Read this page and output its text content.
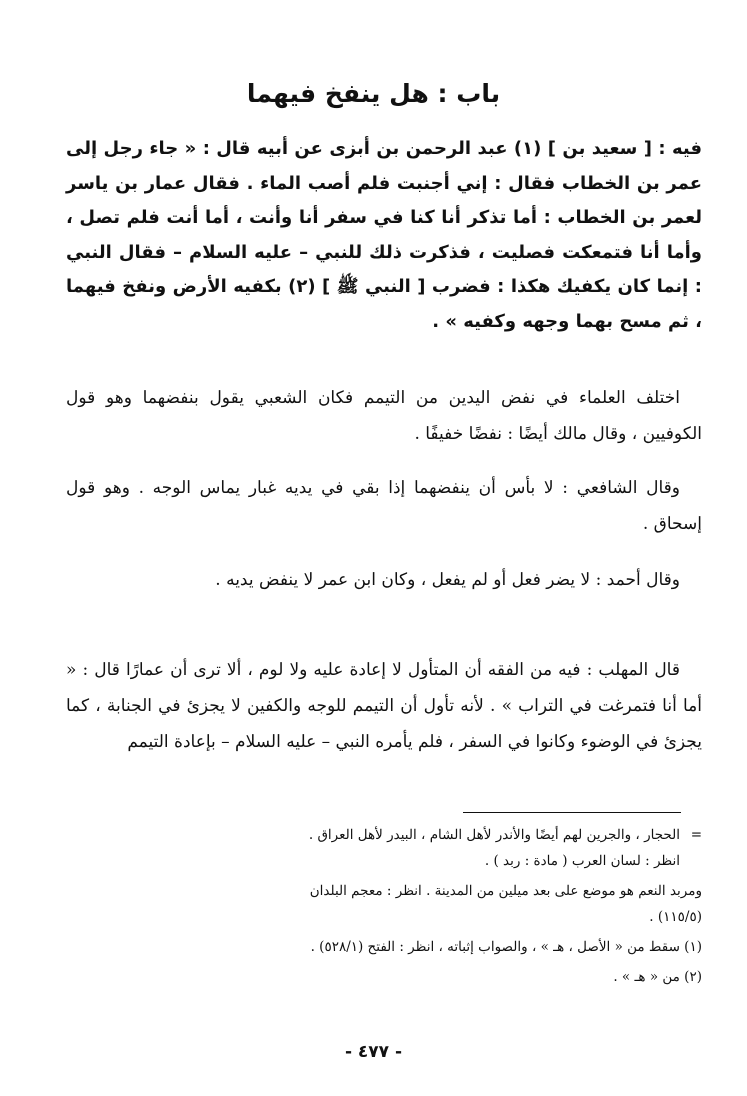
باب : هل ينفخ فيهما

فيه : [ سعيد بن ] (١) عبد الرحمن بن أبزى عن أبيه قال : « جاء رجل إلى عمر بن الخطاب فقال : إني أجنبت فلم أصب الماء . فقال عمار بن ياسر لعمر بن الخطاب : أما تذكر أنا كنا في سفر أنا وأنت ، أما أنت فلم تصل ، وأما أنا فتمعكت فصليت ، فذكرت ذلك للنبي – عليه السلام – فقال النبي : إنما كان يكفيك هكذا : فضرب [ النبي ﷺ ] (٢) بكفيه الأرض ونفخ فيهما ، ثم مسح بهما وجهه وكفيه » .

اختلف العلماء في نفض اليدين من التيمم فكان الشعبي يقول بنفضهما وهو قول الكوفيين ، وقال مالك أيضًا : نفضًا خفيفًا .

وقال الشافعي : لا بأس أن ينفضهما إذا بقي في يديه غبار يماس الوجه . وهو قول إسحاق .

وقال أحمد : لا يضر فعل أو لم يفعل ، وكان ابن عمر لا ينفض يديه .

قال المهلب : فيه من الفقه أن المتأول لا إعادة عليه ولا لوم ، ألا ترى أن عمارًا قال : « أما أنا فتمرغت في التراب » . لأنه تأول أن التيمم للوجه والكفين لا يجزئ في الجنابة ، كما يجزئ في الوضوء وكانوا في السفر ، فلم يأمره النبي – عليه السلام – بإعادة التيمم

=الحجار ، والجرين لهم أيضًا والأندر لأهل الشام ، البيدر لأهل العراق .
انظر : لسان العرب ( مادة : ربد ) .
ومربد النعم هو موضع على بعد ميلين من المدينة . انظر : معجم البلدان
(١١٥/٥) .
(١) سقط من « الأصل ، هـ » ، والصواب إثباته ، انظر : الفتح (٥٢٨/١) .
(٢) من « هـ » .
- ٤٧٧ -
